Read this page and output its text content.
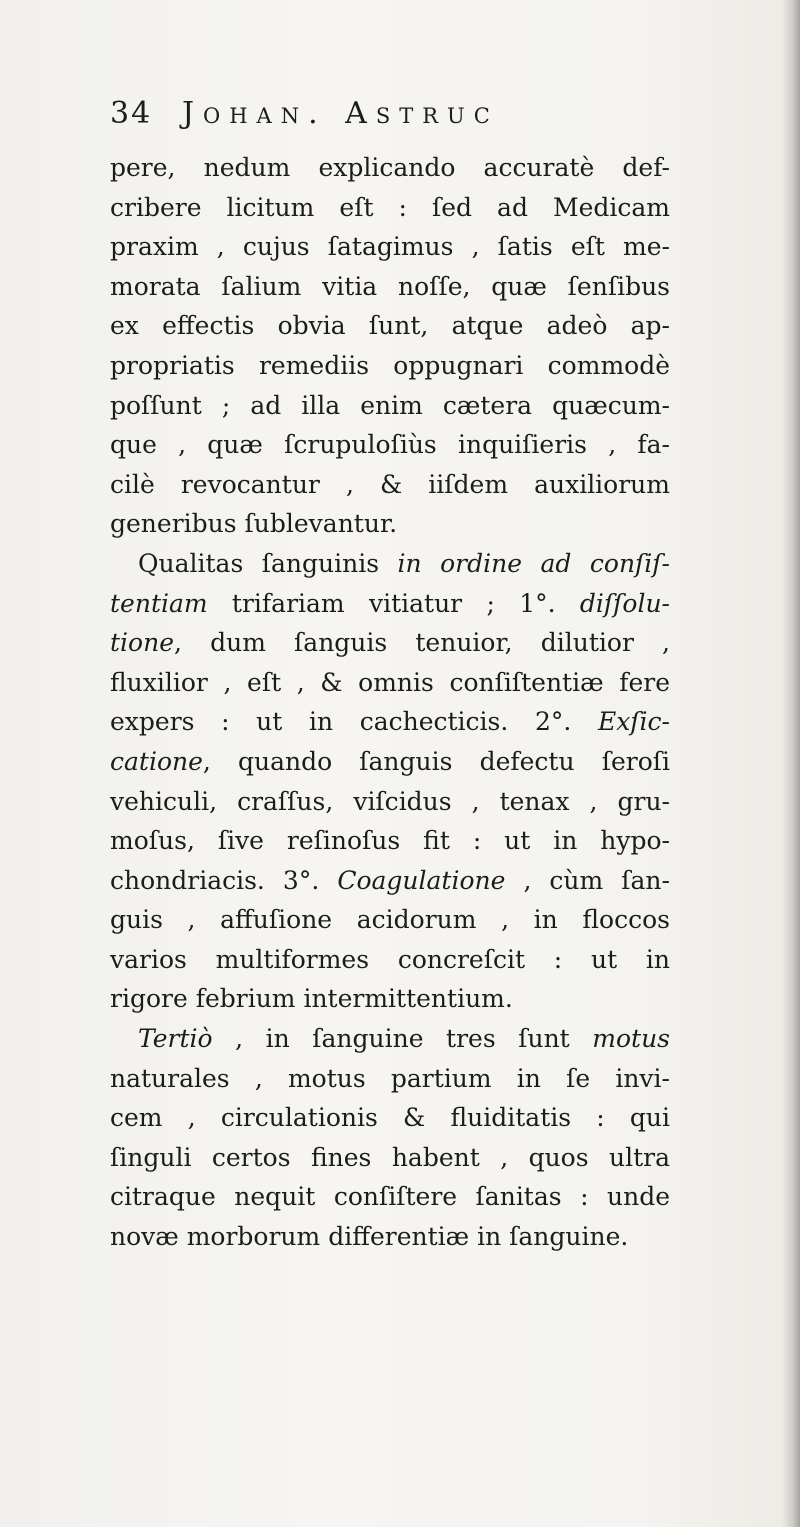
34 Johan. Astruc
pere, nedum explicando accuratè def-
cribere licitum eſt : ſed ad Medicam
praxim , cujus ſatagimus , ſatis eſt me-
morata ſalium vitia noſſe, quæ ſenſibus
ex effectis obvia ſunt, atque adeò ap-
propriatis remediis oppugnari commodè
poſſunt ; ad illa enim cætera quæcum-
que , quæ ſcrupuloſiùs inquiſieris , fa-
cilè revocantur , & iiſdem auxiliorum
generibus ſublevantur.
Qualitas ſanguinis in ordine ad conſiſ-
tentiam trifariam vitiatur ; 1°. diſſolu-
tione, dum ſanguis tenuior, dilutior ,
fluxilior , eſt , & omnis conſiſtentiæ fere
expers : ut in cachecticis. 2°. Exſic-
catione, quando ſanguis defectu ſeroſi
vehiculi, craſſus, viſcidus , tenax , gru-
moſus, ſive reſinoſus fit : ut in hypo-
chondriacis. 3°. Coagulatione , cùm ſan-
guis , affuſione acidorum , in floccos
varios multiformes concreſcit : ut in
rigore febrium intermittentium.
Tertiò , in ſanguine tres ſunt motus
naturales , motus partium in ſe invi-
cem , circulationis & fluiditatis : qui
ſinguli certos fines habent , quos ultra
citraque nequit conſiſtere ſanitas : unde
novæ morborum differentiæ in ſanguine.
